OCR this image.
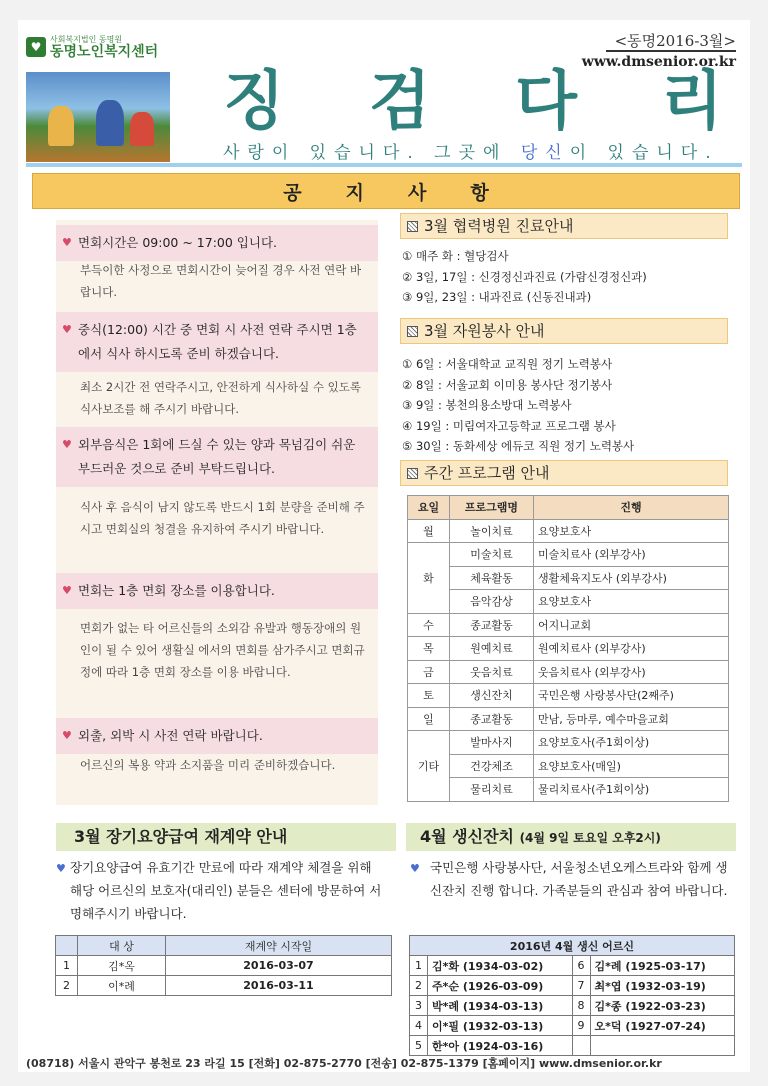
♥	사회복지법인 동명원
동명노인복지센터
<동명2016-3월>
www.dmsenior.or.kr
징 검 다 리
사랑이 있습니다. 그곳에 당신이 있습니다.
공 지 사 항
♥ 면회시간은 09:00 ~ 17:00 입니다.
부득이한 사정으로 면회시간이 늦어질 경우 사전 연락 바랍니다.
♥ 중식(12:00) 시간 중 면회 시 사전 연락 주시면 1층에서 식사 하시도록 준비 하겠습니다.
최소 2시간 전 연락주시고, 안전하게 식사하실 수 있도록 식사보조를 해 주시기 바랍니다.
♥ 외부음식은 1회에 드실 수 있는 양과 목넘김이 쉬운 부드러운 것으로 준비 부탁드립니다.
식사 후 음식이 남지 않도록 반드시 1회 분량을 준비해 주시고 면회실의 청결을 유지하여 주시기 바랍니다.
♥ 면회는 1층 면회 장소를 이용합니다.
면회가 없는 타 어르신들의 소외감 유발과 행동장애의 원인이 될 수 있어 생활실 에서의 면회를 삼가주시고 면회규정에 따라 1층 면회 장소를 이용 바랍니다.
♥ 외출, 외박 시 사전 연락 바랍니다.
어르신의 복용 약과 소지품을 미리 준비하겠습니다.
3월 협력병원 진료안내
① 매주 화 : 혈당검사
② 3일, 17일 : 신경정신과진료 (가람신경정신과)
③ 9일, 23일 : 내과진료 (신동진내과)
3월 자원봉사 안내
① 6일 : 서울대학교 교직원 정기 노력봉사
② 8일 : 서울교회 이미용 봉사단 정기봉사
③ 9일 : 봉천의용소방대 노력봉사
④ 19일 : 미림여자고등학교 프로그램 봉사
⑤ 30일 : 동화세상 에듀코 직원 정기 노력봉사
주간 프로그램 안내
요일	프로그램명	진행
월	놀이치료	요양보호사
화	미술치료	미술치료사 (외부강사)
	체육활동	생활체육지도사 (외부강사)
	음악감상	요양보호사
수	종교활동	어지니교회
목	원예치료	원예치료사 (외부강사)
금	웃음치료	웃음치료사 (외부강사)
토	생신잔치	국민은행 사랑봉사단(2째주)
일	종교활동	만남, 등마루, 예수마을교회
기타	발마사지	요양보호사(주1회이상)
	건강체조	요양보호사(매일)
	물리치료	물리치료사(주1회이상)
3월 장기요양급여 재계약 안내	4월 생신잔치 (4월 9일 토요일 오후2시)
♥ 장기요양급여 유효기간 만료에 따라 재계약 체결을 위해 해당 어르신의 보호자(대리인) 분들은 센터에 방문하여 서명해주시기 바랍니다.
♥ 국민은행 사랑봉사단, 서울청소년오케스트라와 함께 생신잔치 진행 합니다. 가족분들의 관심과 참여 바랍니다.
	대 상	재계약 시작일
1	김*옥	2016-03-07
2	이*례	2016-03-11
2016년 4월 생신 어르신			
1	김*화 (1934-03-02)	6	김*례 (1925-03-17)
2	주*순 (1926-03-09)	7	최*엽 (1932-03-19)
3	박*례 (1934-03-13)	8	김*종 (1922-03-23)
4	이*필 (1932-03-13)	9	오*덕 (1927-07-24)
5	한*아 (1924-03-16)		
(08718) 서울시 관악구 봉천로 23 라길 15 [전화] 02-875-2770 [전송] 02-875-1379 [홈페이지] www.dmsenior.or.kr
